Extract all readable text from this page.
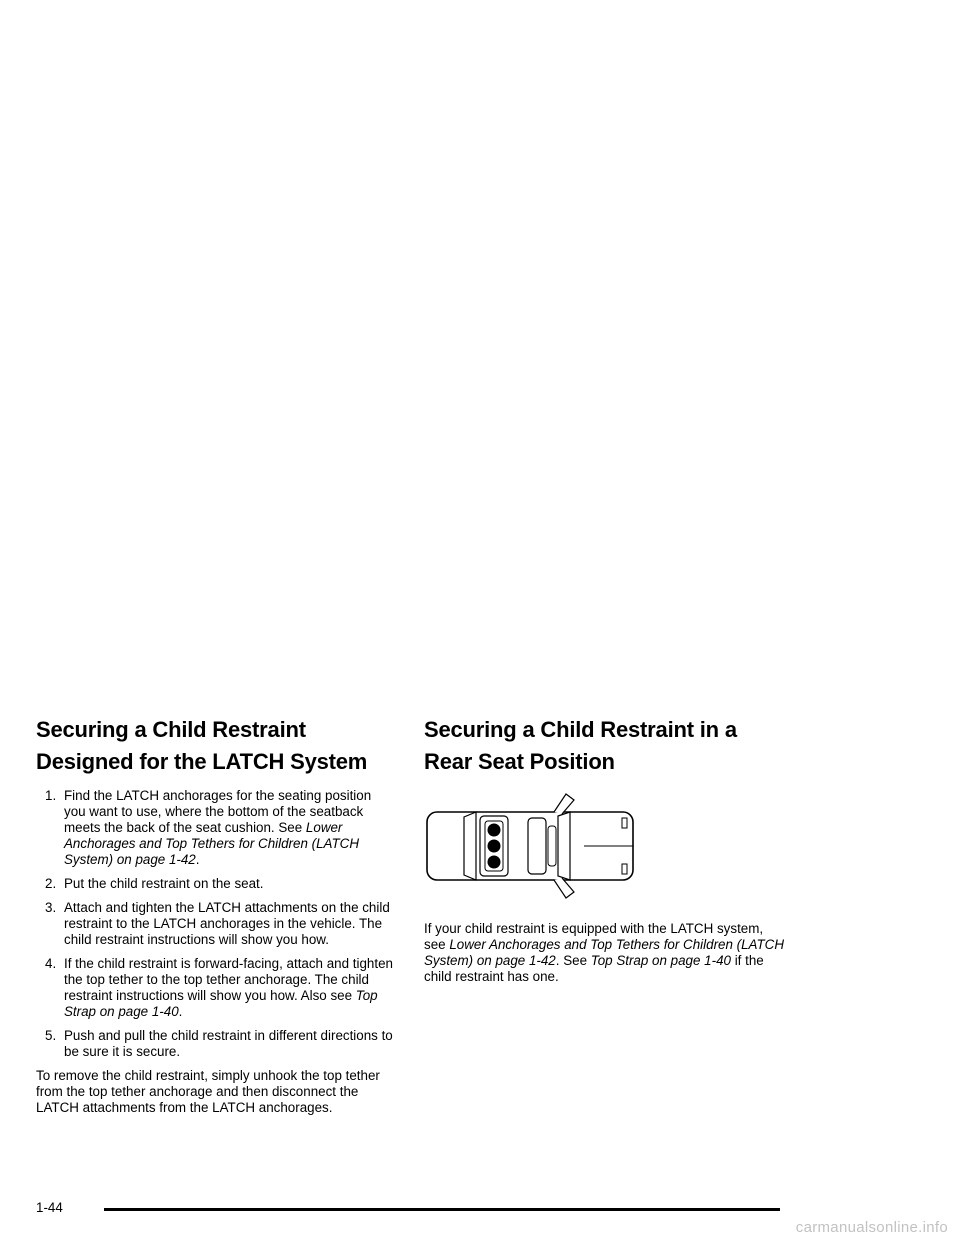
Securing a Child Restraint Designed for the LATCH System
1. Find the LATCH anchorages for the seating position you want to use, where the bottom of the seatback meets the back of the seat cushion. See Lower Anchorages and Top Tethers for Children (LATCH System) on page 1-42.
2. Put the child restraint on the seat.
3. Attach and tighten the LATCH attachments on the child restraint to the LATCH anchorages in the vehicle. The child restraint instructions will show you how.
4. If the child restraint is forward-facing, attach and tighten the top tether to the top tether anchorage. The child restraint instructions will show you how. Also see Top Strap on page 1-40.
5. Push and pull the child restraint in different directions to be sure it is secure.

To remove the child restraint, simply unhook the top tether from the top tether anchorage and then disconnect the LATCH attachments from the LATCH anchorages.

Securing a Child Restraint in a Rear Seat Position

If your child restraint is equipped with the LATCH system, see Lower Anchorages and Top Tethers for Children (LATCH System) on page 1-42. See Top Strap on page 1-40 if the child restraint has one.

1-44
carmanualsonline.info
